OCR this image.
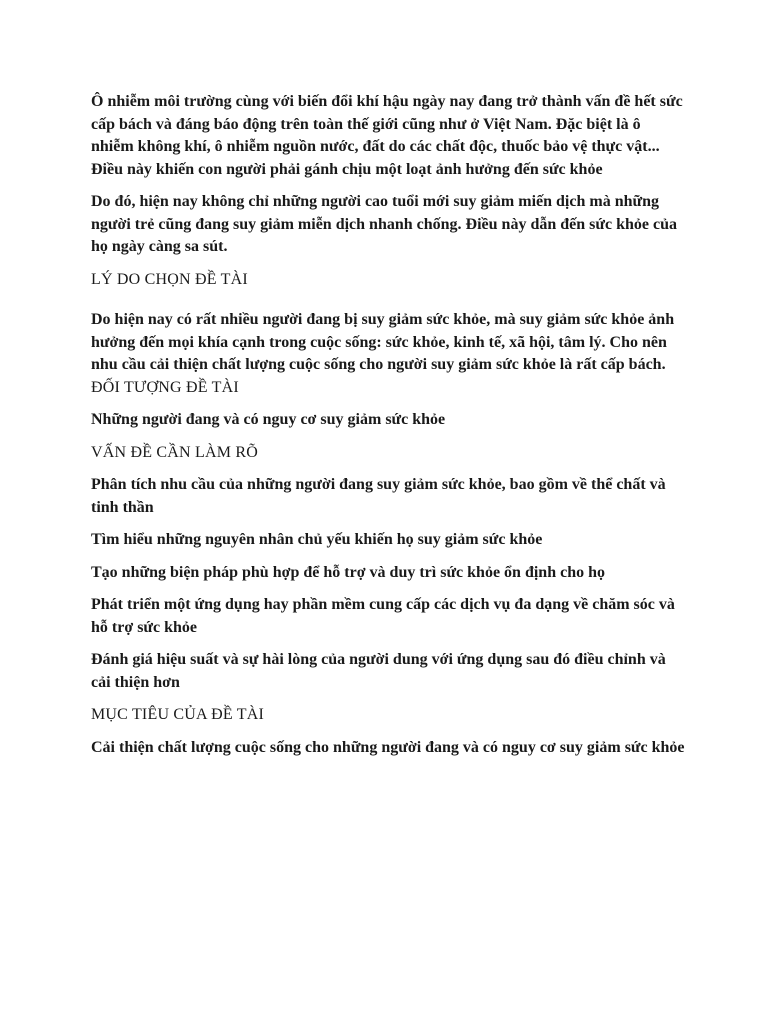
Ô nhiễm môi trường cùng với biến đổi khí hậu ngày nay đang trở thành vấn đề hết sức cấp bách và đáng báo động trên toàn thế giới cũng như ở Việt Nam. Đặc biệt là ô nhiễm không khí, ô nhiễm nguồn nước, đất do các chất độc, thuốc bảo vệ thực vật... Điều này khiến con người phải gánh chịu một loạt ảnh hưởng đến sức khỏe

Do đó, hiện nay không chỉ những người cao tuổi mới suy giảm miến dịch mà những người trẻ cũng đang suy giảm miễn dịch nhanh chống. Điều này dẫn đến sức khỏe của họ ngày càng sa sút.

LÝ DO CHỌN ĐỀ TÀI

Do hiện nay có rất nhiều người đang bị suy giảm sức khỏe, mà suy giảm sức khỏe ảnh hưởng đến mọi khía cạnh trong cuộc sống: sức khỏe, kinh tế, xã hội, tâm lý. Cho nên nhu cầu cải thiện chất lượng cuộc sống cho người suy giảm sức khỏe là rất cấp bách.

ĐỐI TƯỢNG ĐỀ TÀI

Những người đang và có nguy cơ suy giảm sức khỏe

VẤN ĐỀ CẦN LÀM RÕ

Phân tích nhu cầu của những người đang suy giảm sức khỏe, bao gồm về thể chất và tinh thần

Tìm hiểu những nguyên nhân chủ yếu khiến họ suy giảm sức khỏe

Tạo những biện pháp phù hợp để hỗ trợ và duy trì sức khỏe ổn định cho họ

Phát triển một ứng dụng hay phần mềm cung cấp các dịch vụ đa dạng về chăm sóc và hỗ trợ sức khỏe

Đánh giá hiệu suất và sự hài lòng của người dung với ứng dụng sau đó điều chỉnh và cải thiện hơn

MỤC TIÊU CỦA ĐỀ TÀI

Cải thiện chất lượng cuộc sống cho những người đang và có nguy cơ suy giảm sức khỏe
